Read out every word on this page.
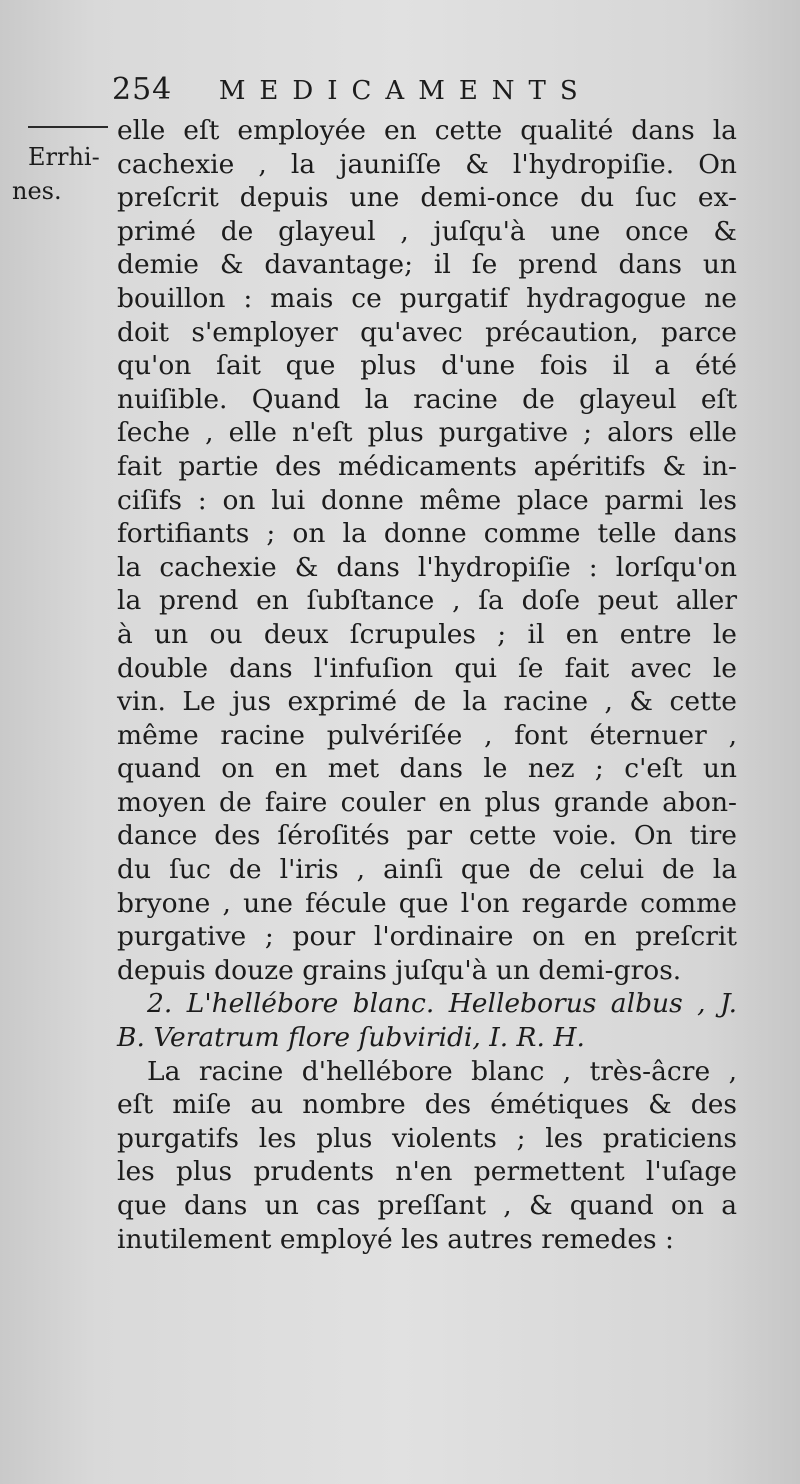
254 MEDICAMENTS
Errhi-
nes.
elle eſt employée en cette qualité dans la
cachexie , la jauniſſe & l'hydropiſie. On
preſcrit depuis une demi-once du ſuc ex-
primé de glayeul , juſqu'à une once &
demie & davantage; il ſe prend dans un
bouillon : mais ce purgatif hydragogue ne
doit s'employer qu'avec précaution, parce
qu'on ſait que plus d'une fois il a été
nuiſible. Quand la racine de glayeul eſt
ſeche , elle n'eſt plus purgative ; alors elle
fait partie des médicaments apéritifs & in-
ciſifs : on lui donne même place parmi les
fortifiants ; on la donne comme telle dans
la cachexie & dans l'hydropiſie : lorſqu'on
la prend en ſubſtance , ſa doſe peut aller
à un ou deux ſcrupules ; il en entre le
double dans l'infuſion qui ſe fait avec le
vin. Le jus exprimé de la racine , & cette
même racine pulvériſée , font éternuer ,
quand on en met dans le nez ; c'eſt un
moyen de faire couler en plus grande abon-
dance des ſéroſités par cette voie. On tire
du ſuc de l'iris , ainſi que de celui de la
bryone , une fécule que l'on regarde comme
purgative ; pour l'ordinaire on en preſcrit
depuis douze grains juſqu'à un demi-gros.
2. L'hellébore blanc. Helleborus albus , J.
B. Veratrum flore ſubviridi, I. R. H.
La racine d'hellébore blanc , très-âcre ,
eſt miſe au nombre des émétiques & des
purgatifs les plus violents ; les praticiens
les plus prudents n'en permettent l'uſage
que dans un cas preſſant , & quand on a
inutilement employé les autres remedes :
